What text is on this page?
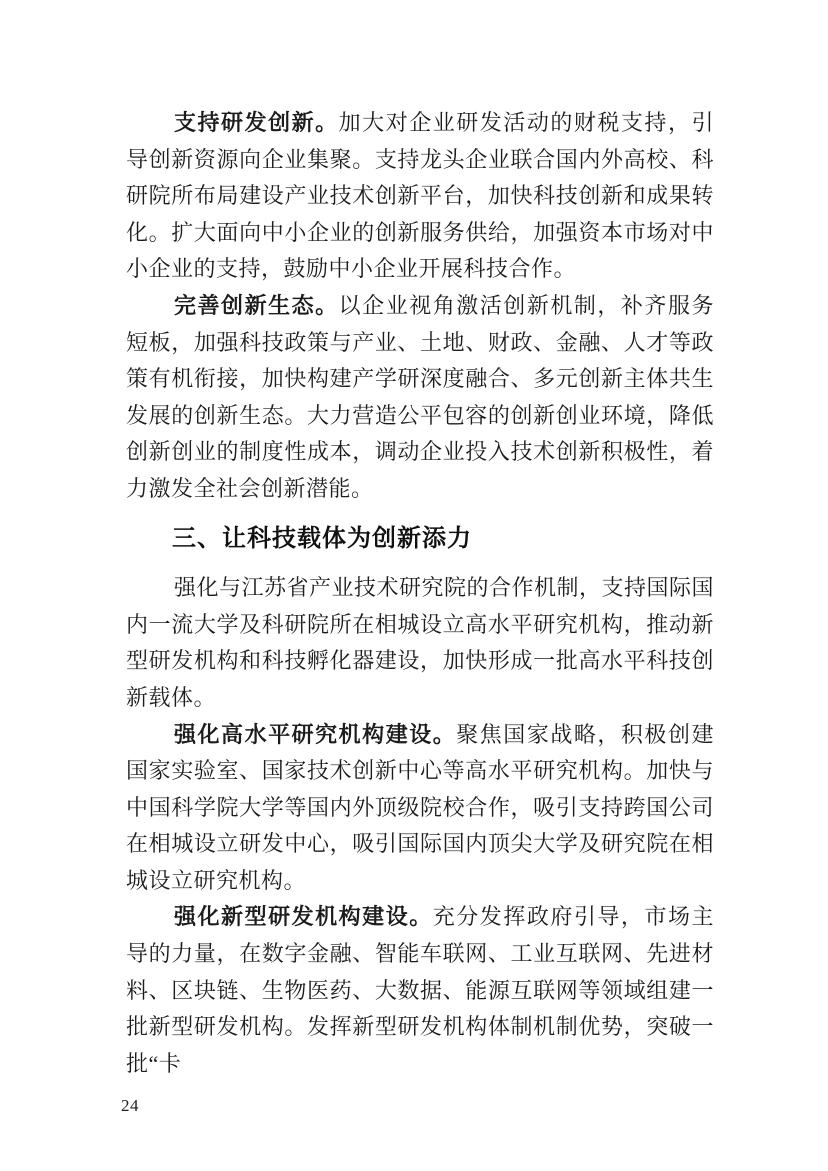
支持研发创新。加大对企业研发活动的财税支持，引导创新资源向企业集聚。支持龙头企业联合国内外高校、科研院所布局建设产业技术创新平台，加快科技创新和成果转化。扩大面向中小企业的创新服务供给，加强资本市场对中小企业的支持，鼓励中小企业开展科技合作。

完善创新生态。以企业视角激活创新机制，补齐服务短板，加强科技政策与产业、土地、财政、金融、人才等政策有机衔接，加快构建产学研深度融合、多元创新主体共生发展的创新生态。大力营造公平包容的创新创业环境，降低创新创业的制度性成本，调动企业投入技术创新积极性，着力激发全社会创新潜能。

三、让科技载体为创新添力

强化与江苏省产业技术研究院的合作机制，支持国际国内一流大学及科研院所在相城设立高水平研究机构，推动新型研发机构和科技孵化器建设，加快形成一批高水平科技创新载体。

强化高水平研究机构建设。聚焦国家战略，积极创建国家实验室、国家技术创新中心等高水平研究机构。加快与中国科学院大学等国内外顶级院校合作，吸引支持跨国公司在相城设立研发中心，吸引国际国内顶尖大学及研究院在相城设立研究机构。

强化新型研发机构建设。充分发挥政府引导，市场主导的力量，在数字金融、智能车联网、工业互联网、先进材料、区块链、生物医药、大数据、能源互联网等领域组建一批新型研发机构。发挥新型研发机构体制机制优势，突破一批“卡

24
